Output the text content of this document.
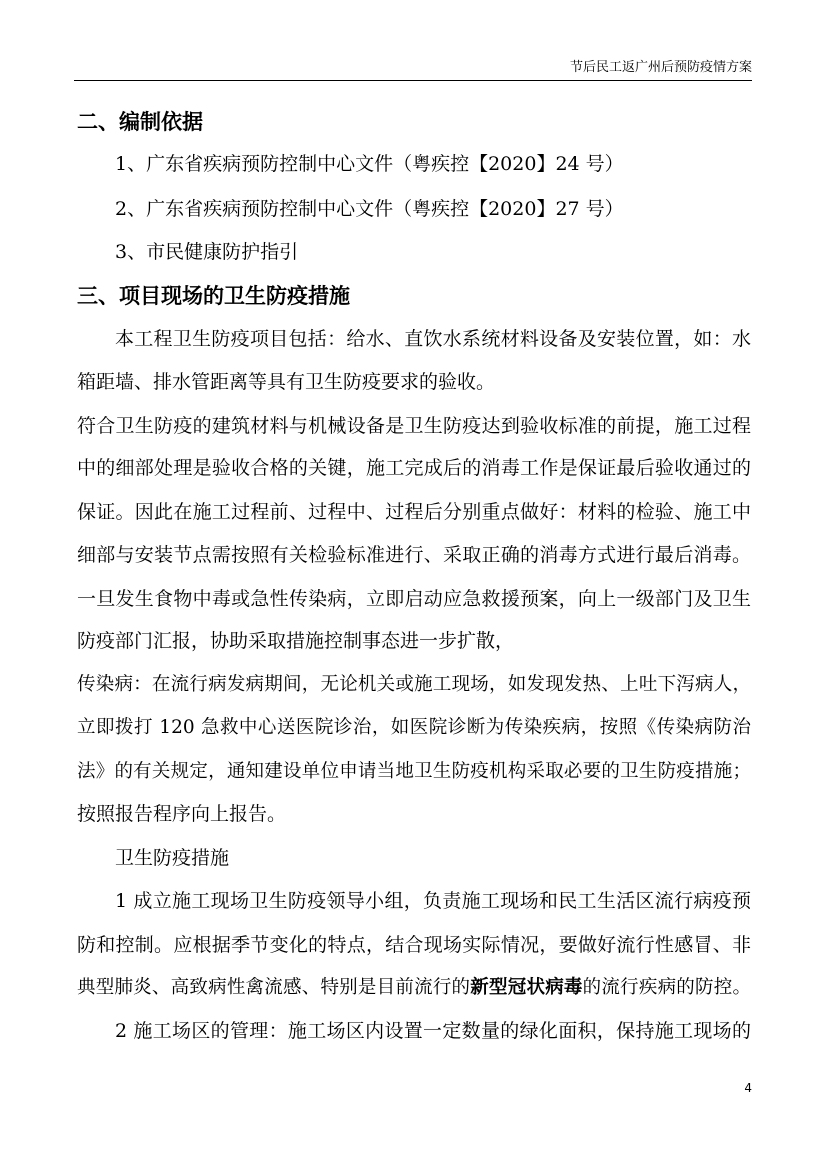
节后民工返广州后预防疫情方案
二、编制依据
1、广东省疾病预防控制中心文件（粤疾控【2020】24 号）
2、广东省疾病预防控制中心文件（粤疾控【2020】27 号）
3、市民健康防护指引
三、项目现场的卫生防疫措施
本工程卫生防疫项目包括：给水、直饮水系统材料设备及安装位置，如：水
箱距墙、排水管距离等具有卫生防疫要求的验收。
符合卫生防疫的建筑材料与机械设备是卫生防疫达到验收标准的前提，施工过程
中的细部处理是验收合格的关键，施工完成后的消毒工作是保证最后验收通过的
保证。因此在施工过程前、过程中、过程后分别重点做好：材料的检验、施工中
细部与安装节点需按照有关检验标准进行、采取正确的消毒方式进行最后消毒。
一旦发生食物中毒或急性传染病，立即启动应急救援预案，向上一级部门及卫生
防疫部门汇报，协助采取措施控制事态进一步扩散，
传染病：在流行病发病期间，无论机关或施工现场，如发现发热、上吐下泻病人，
立即拨打 120 急救中心送医院诊治，如医院诊断为传染疾病，按照《传染病防治
法》的有关规定，通知建设单位申请当地卫生防疫机构采取必要的卫生防疫措施；
按照报告程序向上报告。
卫生防疫措施
1 成立施工现场卫生防疫领导小组，负责施工现场和民工生活区流行病疫预
防和控制。应根据季节变化的特点，结合现场实际情况，要做好流行性感冒、非
典型肺炎、高致病性禽流感、特别是目前流行的新型冠状病毒的流行疾病的防控。
2 施工场区的管理：施工场区内设置一定数量的绿化面积，保持施工现场的
4
